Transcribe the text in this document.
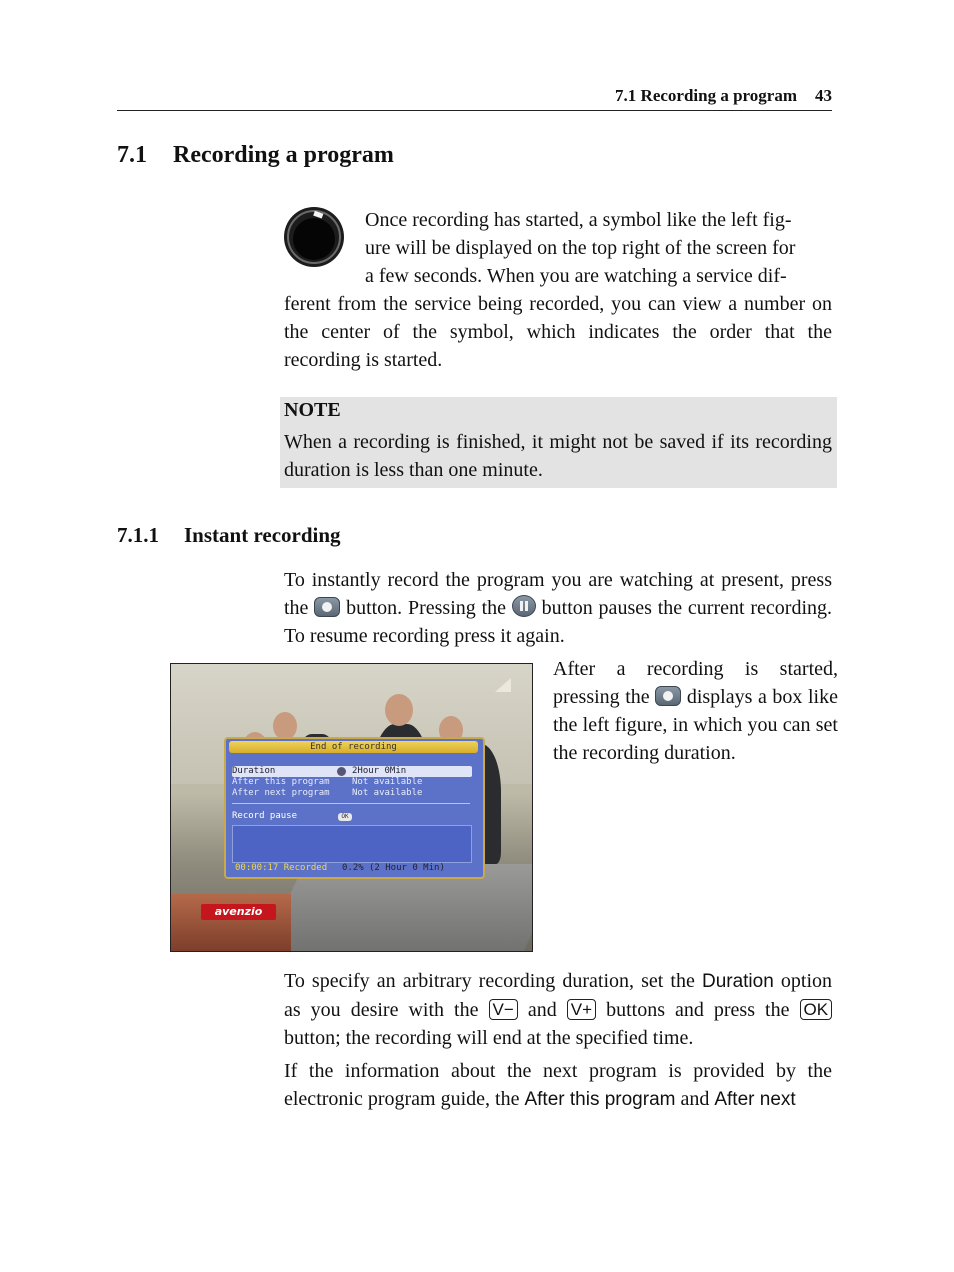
7.1 Recording a program 43
7.1 Recording a program
Once recording has started, a symbol like the left fig-
ure will be displayed on the top right of the screen for
a few seconds. When you are watching a service dif-
ferent from the service being recorded, you can view a number on the center of the symbol, which indicates the order that the recording is started.
NOTE
When a recording is finished, it might not be saved if its recording duration is less than one minute.
7.1.1 Instant recording
To instantly record the program you are watching at present, press the button. Pressing the button pauses the current recording. To resume recording press it again.
End of recording
Duration	2Hour 0Min
After this program Not available
After next program Not available
Record pause	OK
00:00:17 Recorded 0.2% (2 Hour 0 Min)
avenzio
After a recording is started, pressing the displays a box like the left figure, in which you can set the recording duration.
To specify an arbitrary recording duration, set the Duration option as you desire with the V− and V+ buttons and press the OK button; the recording will end at the specified time.
If the information about the next program is provided by the electronic program guide, the After this program and After next
